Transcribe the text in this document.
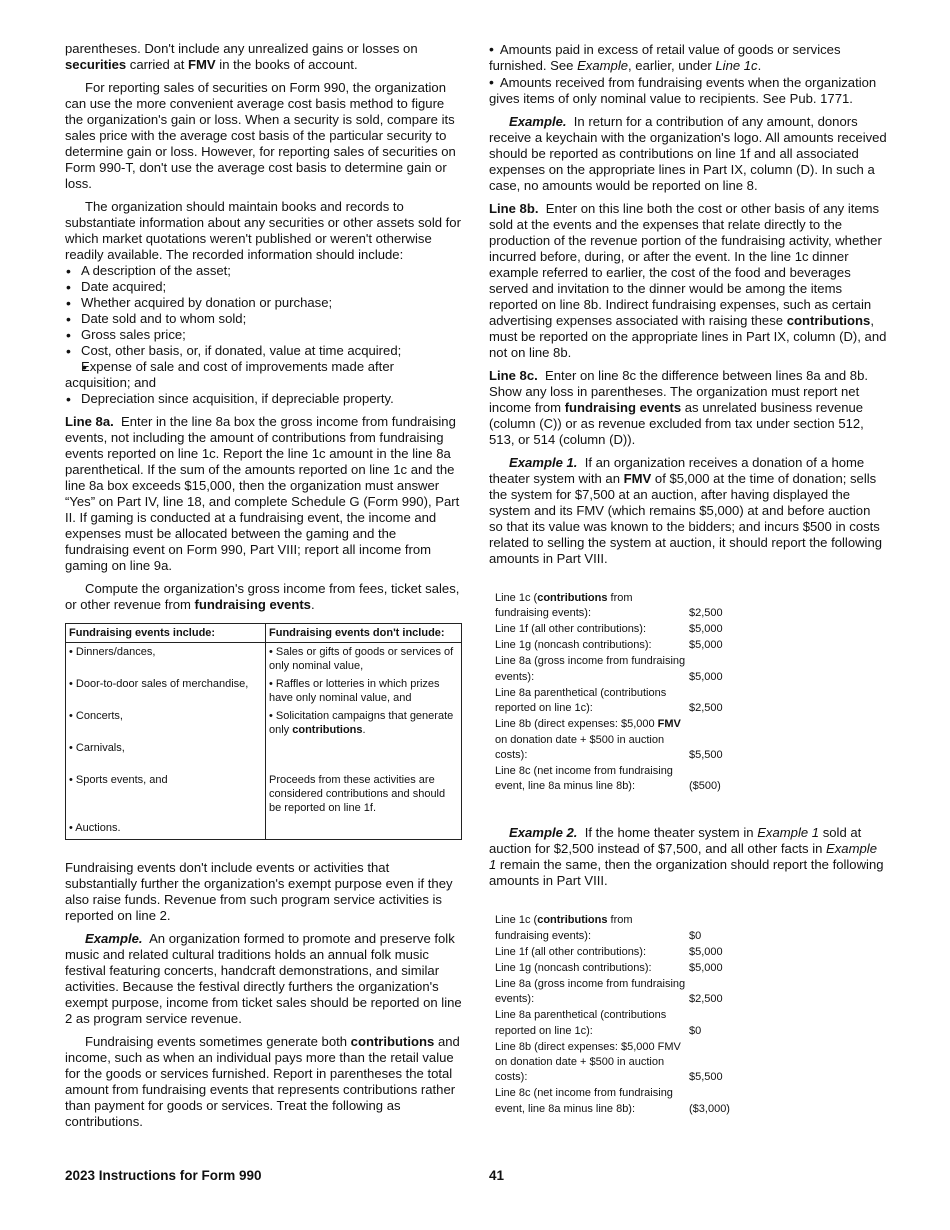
parentheses. Don't include any unrealized gains or losses on securities carried at FMV in the books of account.

For reporting sales of securities on Form 990, the organization can use the more convenient average cost basis method to figure the organization's gain or loss. When a security is sold, compare its sales price with the average cost basis of the particular security to determine gain or loss. However, for reporting sales of securities on Form 990-T, don't use the average cost basis to determine gain or loss.

The organization should maintain books and records to substantiate information about any securities or other assets sold for which market quotations weren't published or weren't otherwise readily available. The recorded information should include:

• A description of the asset;
• Date acquired;
• Whether acquired by donation or purchase;
• Date sold and to whom sold;
• Gross sales price;
• Cost, other basis, or, if donated, value at time acquired;
• Expense of sale and cost of improvements made after acquisition; and
• Depreciation since acquisition, if depreciable property.

Line 8a. Enter in the line 8a box the gross income from fundraising events, not including the amount of contributions from fundraising events reported on line 1c. Report the line 1c amount in the line 8a parenthetical. If the sum of the amounts reported on line 1c and the line 8a box exceeds $15,000, then the organization must answer “Yes” on Part IV, line 18, and complete Schedule G (Form 990), Part II. If gaming is conducted at a fundraising event, the income and expenses must be allocated between the gaming and the fundraising event on Form 990, Part VIII; report all income from gaming on line 9a.

Compute the organization's gross income from fees, ticket sales, or other revenue from fundraising events.

Fundraising events include:	Fundraising events don't include:

• Dinners/dances,	• Sales or gifts of goods or services of only nominal value,

• Door-to-door sales of merchandise,	• Raffles or lotteries in which prizes have only nominal value, and

• Concerts,	• Solicitation campaigns that generate only contributions.

• Carnivals,	

• Sports events, and	Proceeds from these activities are considered contributions and should be reported on line 1f.

• Auctions.	

Fundraising events don't include events or activities that substantially further the organization's exempt purpose even if they also raise funds. Revenue from such program service activities is reported on line 2.

Example. An organization formed to promote and preserve folk music and related cultural traditions holds an annual folk music festival featuring concerts, handcraft demonstrations, and similar activities. Because the festival directly furthers the organization's exempt purpose, income from ticket sales should be reported on line 2 as program service revenue.

Fundraising events sometimes generate both contributions and income, such as when an individual pays more than the retail value for the goods or services furnished. Report in parentheses the total amount from fundraising events that represents contributions rather than payment for goods or services. Treat the following as contributions.

• Amounts paid in excess of retail value of goods or services furnished. See Example, earlier, under Line 1c.
• Amounts received from fundraising events when the organization gives items of only nominal value to recipients. See Pub. 1771.

Example. In return for a contribution of any amount, donors receive a keychain with the organization's logo. All amounts received should be reported as contributions on line 1f and all associated expenses on the appropriate lines in Part IX, column (D). In such a case, no amounts would be reported on line 8.

Line 8b. Enter on this line both the cost or other basis of any items sold at the events and the expenses that relate directly to the production of the revenue portion of the fundraising activity, whether incurred before, during, or after the event. In the line 1c dinner example referred to earlier, the cost of the food and beverages served and invitation to the dinner would be among the items reported on line 8b. Indirect fundraising expenses, such as certain advertising expenses associated with raising these contributions, must be reported on the appropriate lines in Part IX, column (D), and not on line 8b.

Line 8c. Enter on line 8c the difference between lines 8a and 8b. Show any loss in parentheses. The organization must report net income from fundraising events as unrelated business revenue (column (C)) or as revenue excluded from tax under section 512, 513, or 514 (column (D)).

Example 1. If an organization receives a donation of a home theater system with an FMV of $5,000 at the time of donation; sells the system for $7,500 at an auction, after having displayed the system and its FMV (which remains $5,000) at and before auction so that its value was known to the bidders; and incurs $500 in costs related to selling the system at auction, it should report the following amounts in Part VIII.

Line 1c (contributions from fundraising events):	$2,500
Line 1f (all other contributions):	$5,000
Line 1g (noncash contributions):	$5,000
Line 8a (gross income from fundraising events):	$5,000
Line 8a parenthetical (contributions reported on line 1c):	$2,500
Line 8b (direct expenses: $5,000 FMV on donation date + $500 in auction costs):	$5,500
Line 8c (net income from fundraising event, line 8a minus line 8b):	($500)

Example 2. If the home theater system in Example 1 sold at auction for $2,500 instead of $7,500, and all other facts in Example 1 remain the same, then the organization should report the following amounts in Part VIII.

Line 1c (contributions from fundraising events):	$0
Line 1f (all other contributions):	$5,000
Line 1g (noncash contributions):	$5,000
Line 8a (gross income from fundraising events):	$2,500
Line 8a parenthetical (contributions reported on line 1c):	$0
Line 8b (direct expenses: $5,000 FMV on donation date + $500 in auction costs):	$5,500
Line 8c (net income from fundraising event, line 8a minus line 8b):	($3,000)
2023 Instructions for Form 990	41
